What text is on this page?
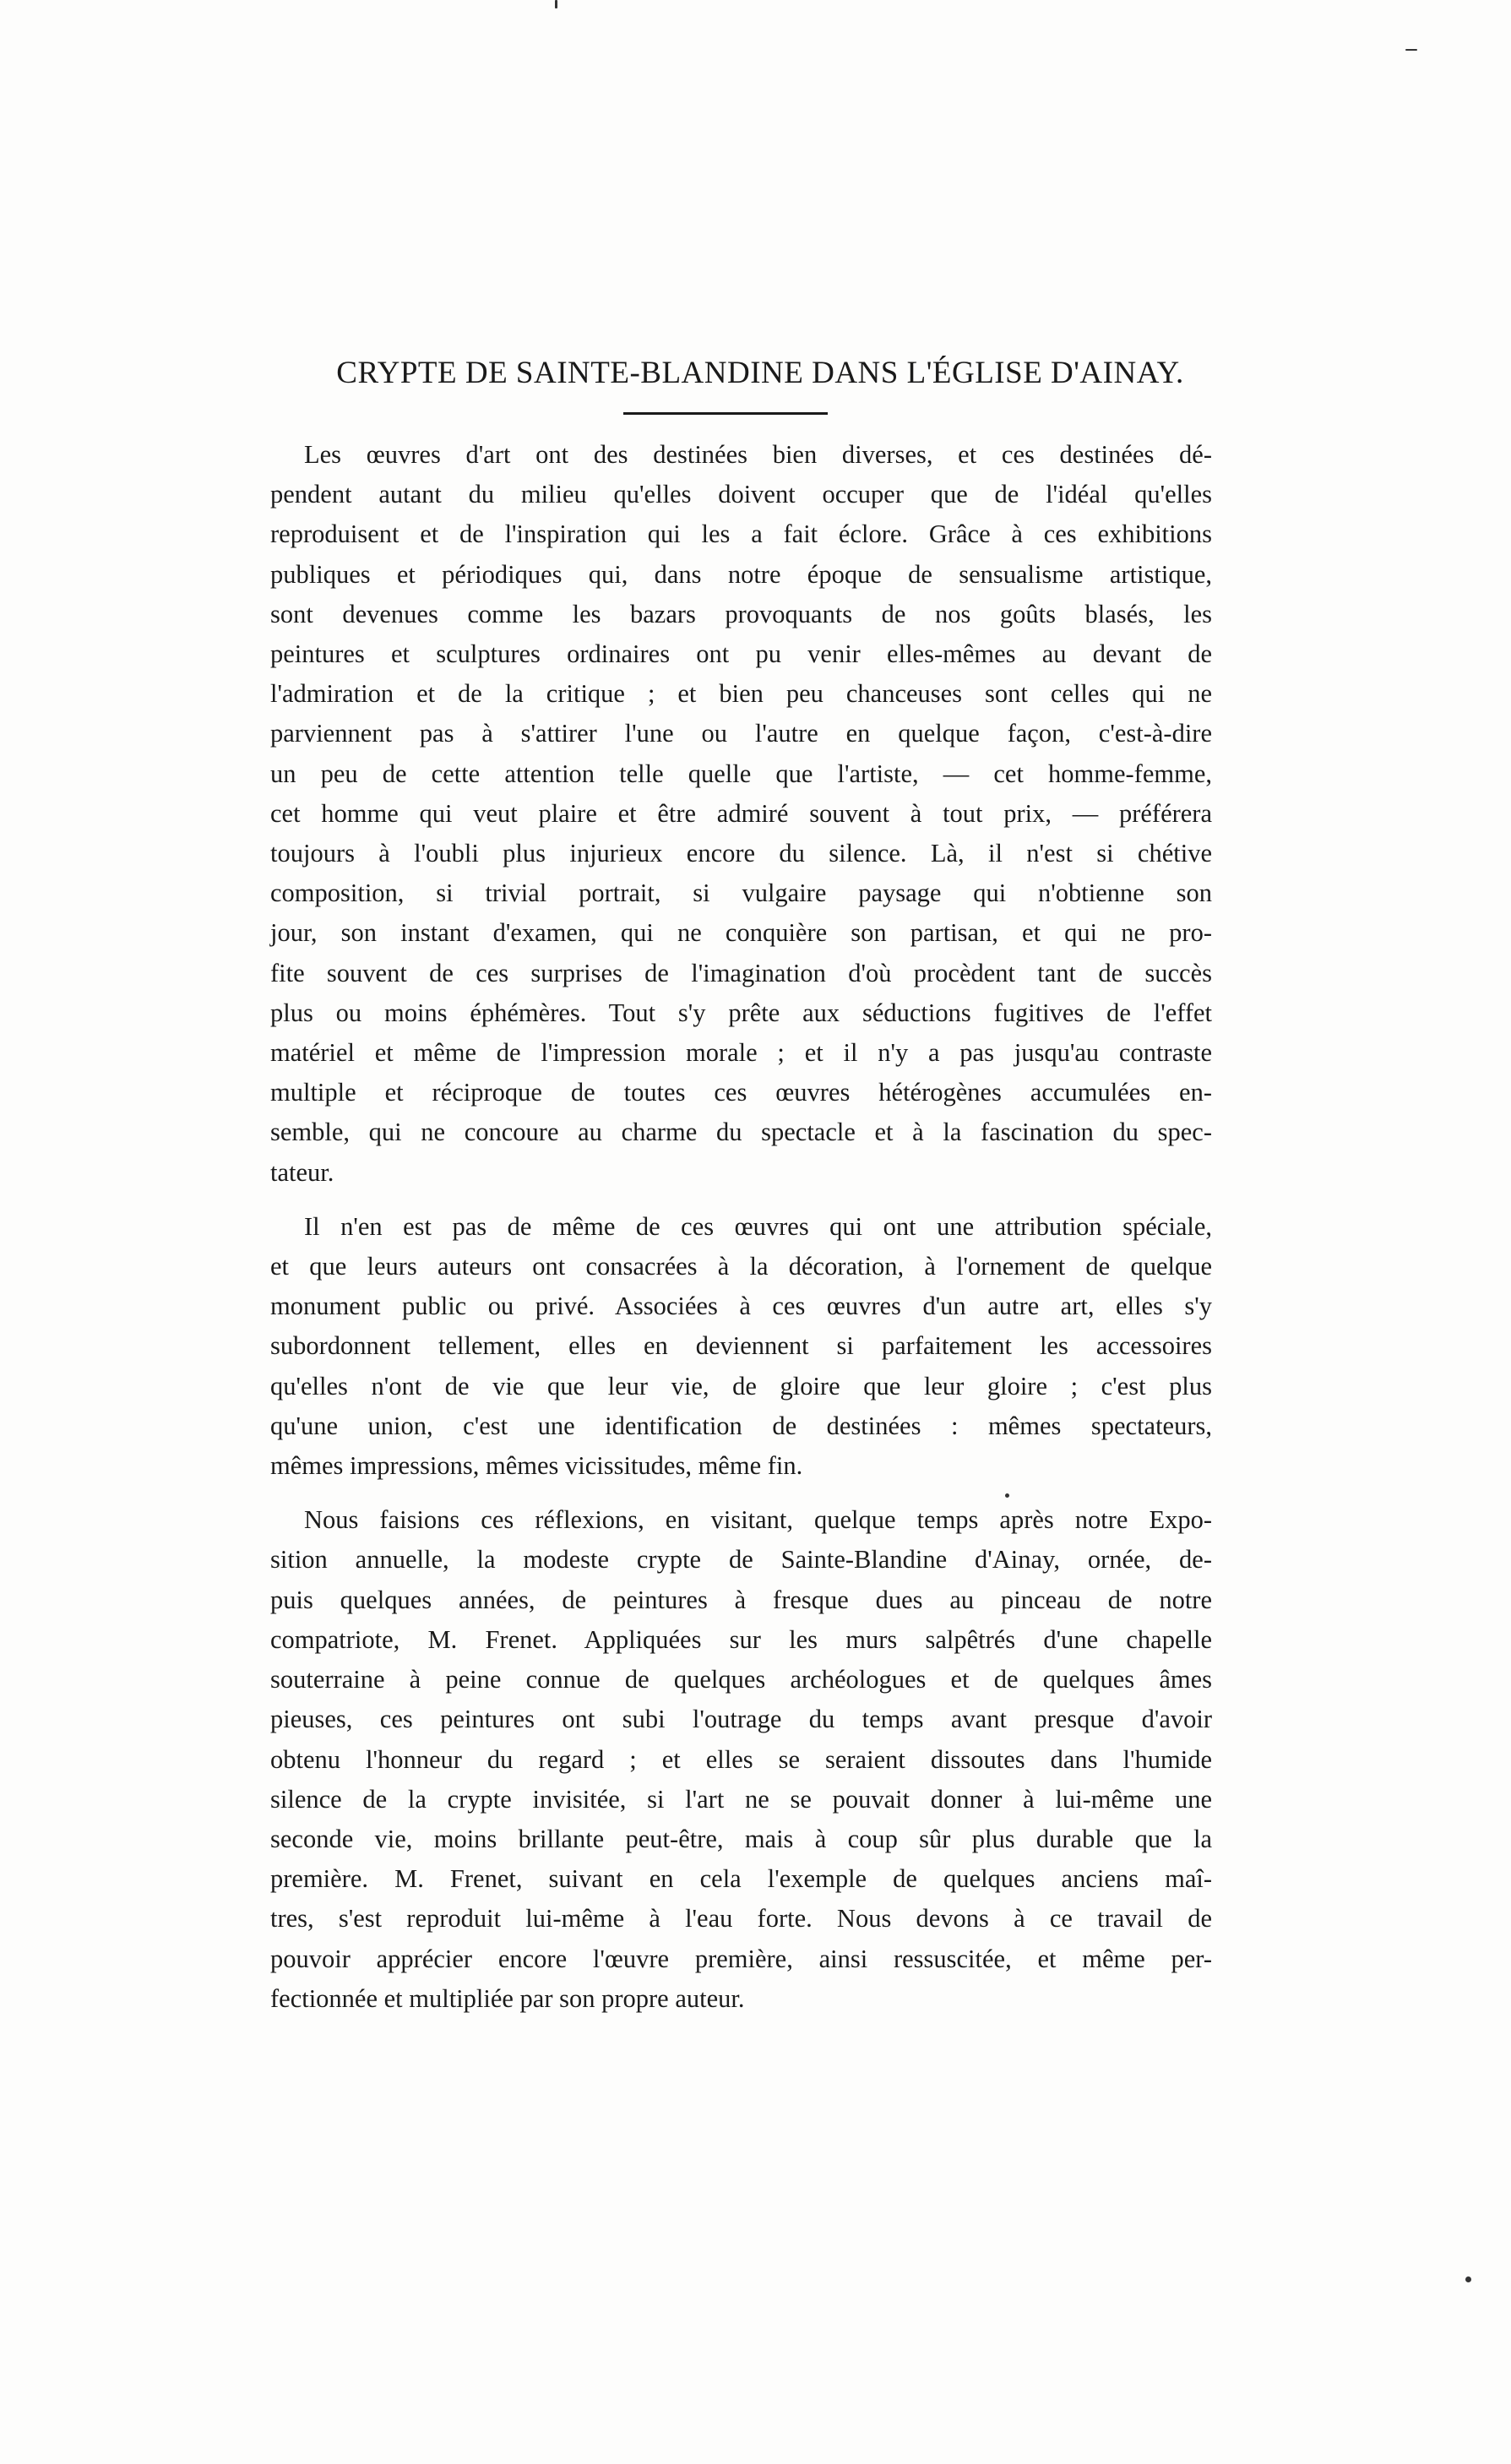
CRYPTE DE SAINTE-BLANDINE DANS L'ÉGLISE D'AINAY.
Les œuvres d'art ont des destinées bien diverses, et ces destinées dé-
pendent autant du milieu qu'elles doivent occuper que de l'idéal qu'elles
reproduisent et de l'inspiration qui les a fait éclore. Grâce à ces exhibitions
publiques et périodiques qui, dans notre époque de sensualisme artistique,
sont devenues comme les bazars provoquants de nos goûts blasés, les
peintures et sculptures ordinaires ont pu venir elles-mêmes au devant de
l'admiration et de la critique ; et bien peu chanceuses sont celles qui ne
parviennent pas à s'attirer l'une ou l'autre en quelque façon, c'est-à-dire
un peu de cette attention telle quelle que l'artiste, — cet homme-femme,
cet homme qui veut plaire et être admiré souvent à tout prix, — préférera
toujours à l'oubli plus injurieux encore du silence. Là, il n'est si chétive
composition, si trivial portrait, si vulgaire paysage qui n'obtienne son
jour, son instant d'examen, qui ne conquière son partisan, et qui ne pro-
fite souvent de ces surprises de l'imagination d'où procèdent tant de succès
plus ou moins éphémères. Tout s'y prête aux séductions fugitives de l'effet
matériel et même de l'impression morale ; et il n'y a pas jusqu'au contraste
multiple et réciproque de toutes ces œuvres hétérogènes accumulées en-
semble, qui ne concoure au charme du spectacle et à la fascination du spec-
tateur.
Il n'en est pas de même de ces œuvres qui ont une attribution spéciale,
et que leurs auteurs ont consacrées à la décoration, à l'ornement de quelque
monument public ou privé. Associées à ces œuvres d'un autre art, elles s'y
subordonnent tellement, elles en deviennent si parfaitement les accessoires
qu'elles n'ont de vie que leur vie, de gloire que leur gloire ; c'est plus
qu'une union, c'est une identification de destinées : mêmes spectateurs,
mêmes impressions, mêmes vicissitudes, même fin.
Nous faisions ces réflexions, en visitant, quelque temps après notre Expo-
sition annuelle, la modeste crypte de Sainte-Blandine d'Ainay, ornée, de-
puis quelques années, de peintures à fresque dues au pinceau de notre
compatriote, M. Frenet. Appliquées sur les murs salpêtrés d'une chapelle
souterraine à peine connue de quelques archéologues et de quelques âmes
pieuses, ces peintures ont subi l'outrage du temps avant presque d'avoir
obtenu l'honneur du regard ; et elles se seraient dissoutes dans l'humide
silence de la crypte invisitée, si l'art ne se pouvait donner à lui-même une
seconde vie, moins brillante peut-être, mais à coup sûr plus durable que la
première. M. Frenet, suivant en cela l'exemple de quelques anciens maî-
tres, s'est reproduit lui-même à l'eau forte. Nous devons à ce travail de
pouvoir apprécier encore l'œuvre première, ainsi ressuscitée, et même per-
fectionnée et multipliée par son propre auteur.
